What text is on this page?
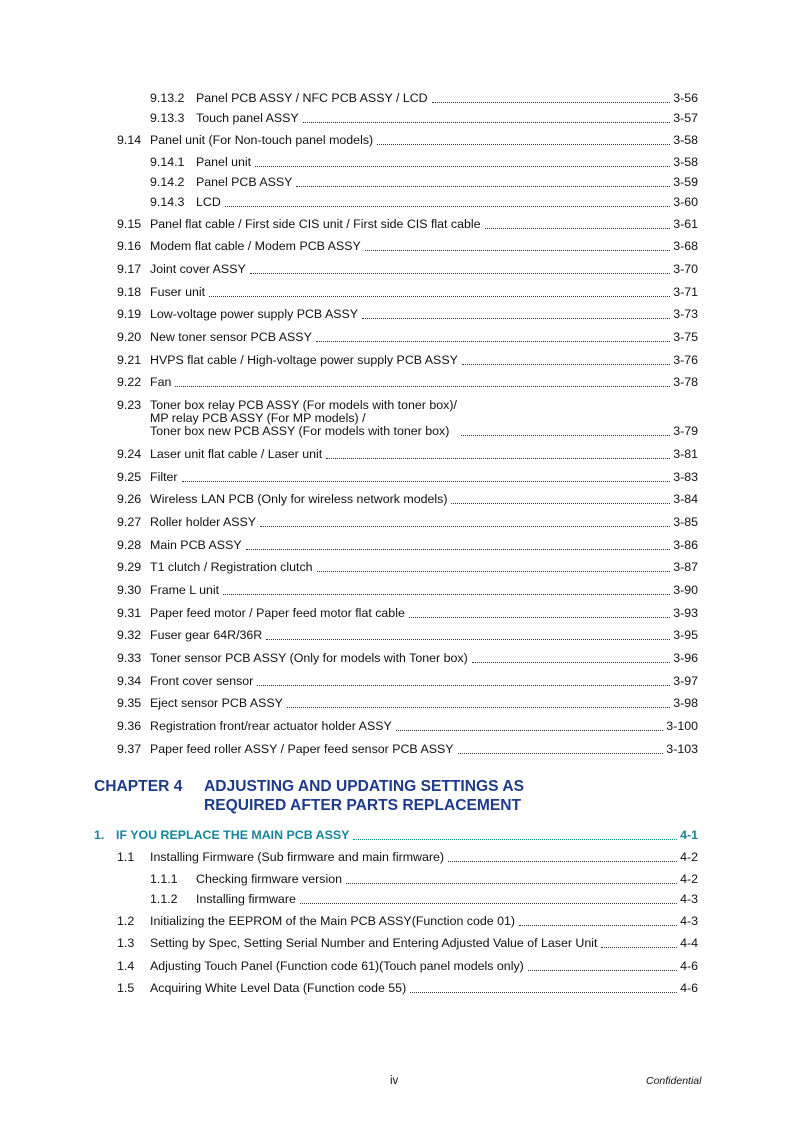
9.13.2 Panel PCB ASSY / NFC PCB ASSY / LCD	3-56
9.13.3 Touch panel ASSY	3-57
9.14 Panel unit (For Non-touch panel models)	3-58
9.14.1 Panel unit	3-58
9.14.2 Panel PCB ASSY	3-59
9.14.3 LCD	3-60
9.15 Panel flat cable / First side CIS unit / First side CIS flat cable	3-61
9.16 Modem flat cable / Modem PCB ASSY	3-68
9.17 Joint cover ASSY	3-70
9.18 Fuser unit	3-71
9.19 Low-voltage power supply PCB ASSY	3-73
9.20 New toner sensor PCB ASSY	3-75
9.21 HVPS flat cable / High-voltage power supply PCB ASSY	3-76
9.22 Fan	3-78
9.23 Toner box relay PCB ASSY (For models with toner box)/
MP relay PCB ASSY (For MP models) /
Toner box new PCB ASSY (For models with toner box)	3-79
9.24 Laser unit flat cable / Laser unit	3-81
9.25 Filter	3-83
9.26 Wireless LAN PCB (Only for wireless network models)	3-84
9.27 Roller holder ASSY	3-85
9.28 Main PCB ASSY	3-86
9.29 T1 clutch / Registration clutch	3-87
9.30 Frame L unit	3-90
9.31 Paper feed motor / Paper feed motor flat cable	3-93
9.32 Fuser gear 64R/36R	3-95
9.33 Toner sensor PCB ASSY (Only for models with Toner box)	3-96
9.34 Front cover sensor	3-97
9.35 Eject sensor PCB ASSY	3-98
9.36 Registration front/rear actuator holder ASSY	3-100
9.37 Paper feed roller ASSY / Paper feed sensor PCB ASSY	3-103
CHAPTER 4 ADJUSTING AND UPDATING SETTINGS AS
REQUIRED AFTER PARTS REPLACEMENT
1. IF YOU REPLACE THE MAIN PCB ASSY	4-1
1.1	Installing Firmware (Sub firmware and main firmware)	4-2
1.1.1	Checking firmware version	4-2
1.1.2	Installing firmware	4-3
1.2	Initializing the EEPROM of the Main PCB ASSY(Function code 01)	4-3
1.3	Setting by Spec, Setting Serial Number and Entering Adjusted Value of Laser Unit	4-4
1.4	Adjusting Touch Panel (Function code 61)(Touch panel models only)	4-6
1.5	Acquiring White Level Data (Function code 55)	4-6
iv	Confidential
